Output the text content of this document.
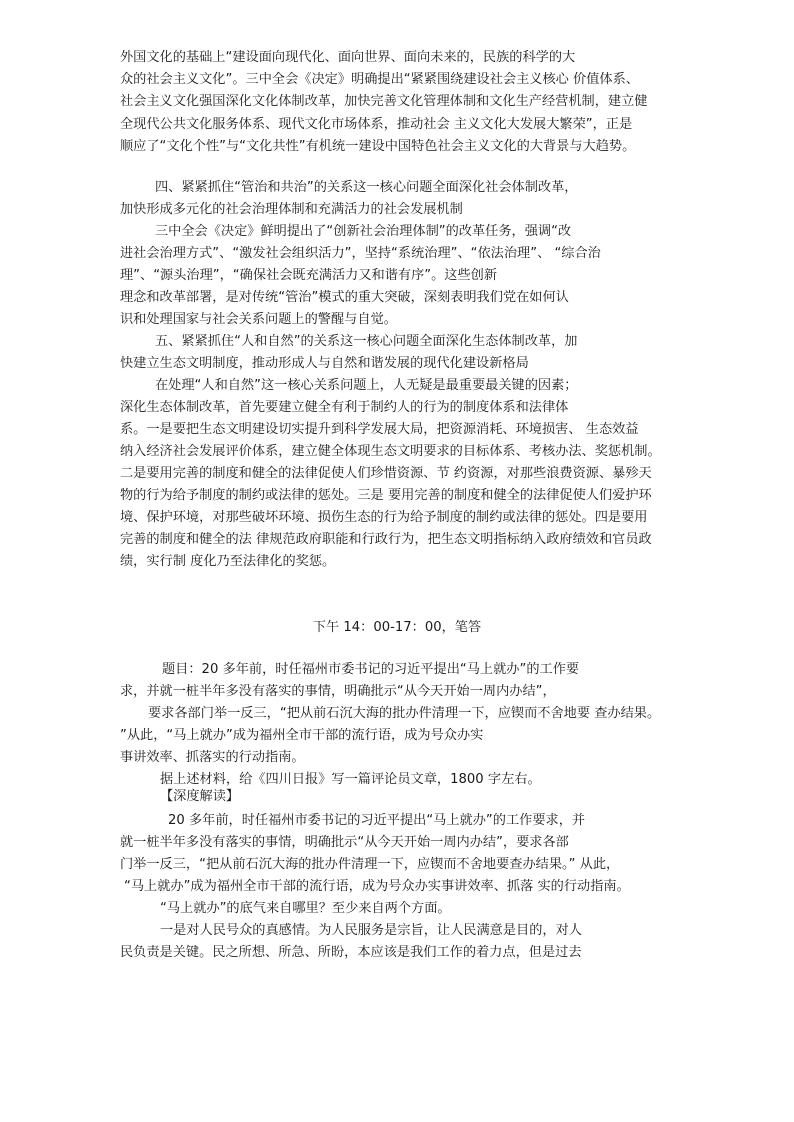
外国文化的基础上“建设面向现代化、面向世界、面向未来的，民族的科学的大
众的社会主义文化”。三中全会《决定》明确提出“紧紧围绕建设社会主义核心 价值体系、
社会主义文化强国深化文化体制改革，加快完善文化管理体制和文化生产经营机制，建立健
全现代公共文化服务体系、现代文化市场体系，推动社会 主义文化大发展大繁荣”，正是
顺应了“文化个性”与“文化共性”有机统一建设中国特色社会主义文化的大背景与大趋势。
四、紧紧抓住“管治和共治”的关系这一核心问题全面深化社会体制改革，
加快形成多元化的社会治理体制和充满活力的社会发展机制
三中全会《决定》鲜明提出了“创新社会治理体制”的改革任务，强调“改
进社会治理方式”、“激发社会组织活力”，坚持“系统治理”、“依法治理”、 “综合治
理”、“源头治理”，“确保社会既充满活力又和谐有序”。这些创新
理念和改革部署，是对传统“管治”模式的重大突破，深刻表明我们党在如何认
识和处理国家与社会关系问题上的警醒与自觉。
五、紧紧抓住“人和自然”的关系这一核心问题全面深化生态体制改革，加
快建立生态文明制度，推动形成人与自然和谐发展的现代化建设新格局
在处理“人和自然”这一核心关系问题上，人无疑是最重要最关键的因素；
深化生态体制改革，首先要建立健全有利于制约人的行为的制度体系和法律体
系。一是要把生态文明建设切实提升到科学发展大局，把资源消耗、环境损害、 生态效益
纳入经济社会发展评价体系，建立健全体现生态文明要求的目标体系、考核办法、奖惩机制。
二是要用完善的制度和健全的法律促使人们珍惜资源、节 约资源，对那些浪费资源、暴殄天
物的行为给予制度的制约或法律的惩处。三是 要用完善的制度和健全的法律促使人们爱护环
境、保护环境，对那些破坏环境、损伤生态的行为给予制度的制约或法律的惩处。四是要用
完善的制度和健全的法 律规范政府职能和行政行为，把生态文明指标纳入政府绩效和官员政
绩，实行制 度化乃至法律化的奖惩。
下午 14：00-17：00，笔答
题目：20 多年前，时任福州市委书记的习近平提出“马上就办”的工作要
求，并就一桩半年多没有落实的事情，明确批示“从今天开始一周内办结”，
要求各部门举一反三，“把从前石沉大海的批办件清理一下，应锲而不舍地要 查办结果。
”从此，“马上就办”成为福州全市干部的流行语，成为号众办实
事讲效率、抓落实的行动指南。
据上述材料，给《四川日报》写一篇评论员文章，1800 字左右。
【深度解读】
20 多年前，时任福州市委书记的习近平提出“马上就办”的工作要求，并
就一桩半年多没有落实的事情，明确批示“从今天开始一周内办结”，要求各部
门举一反三，“把从前石沉大海的批办件清理一下，应锲而不舍地要查办结果。” 从此，
“马上就办”成为福州全市干部的流行语，成为号众办实事讲效率、抓落 实的行动指南。
“马上就办”的底气来自哪里？至少来自两个方面。
一是对人民号众的真感情。为人民服务是宗旨，让人民满意是目的，对人
民负责是关键。民之所想、所急、所盼，本应该是我们工作的着力点，但是过去
